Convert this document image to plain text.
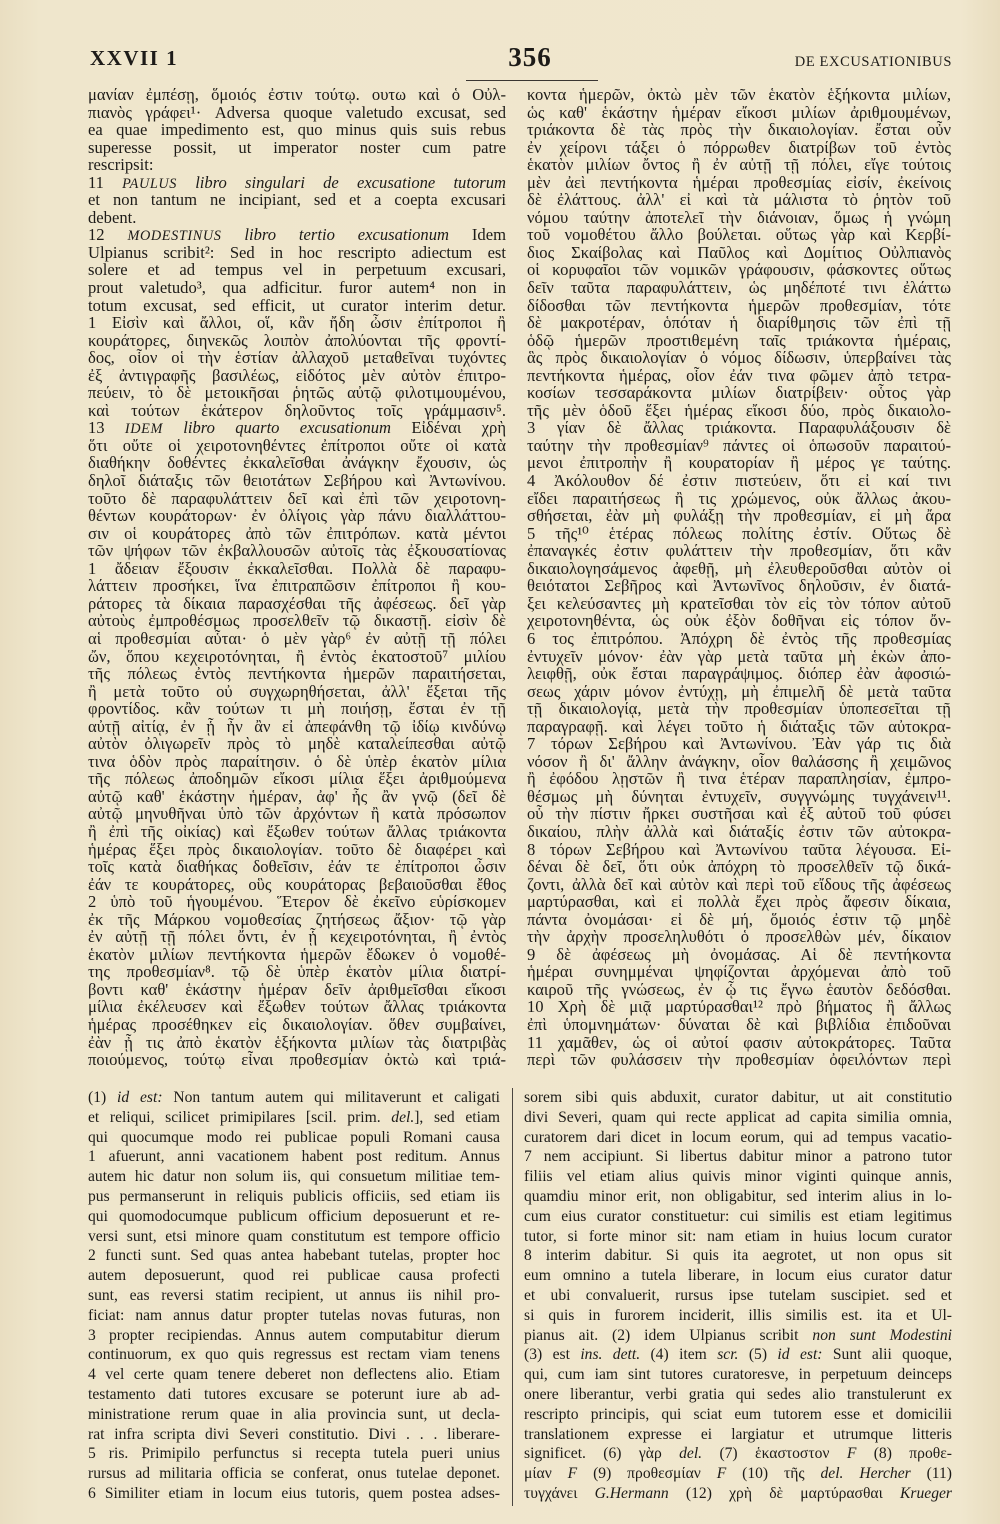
XXVII 1	356	DE EXCUSATIONIBUS
μανίαν ἐμπέσῃ, ὅμοιός ἐστιν τούτῳ. ουτω καὶ ὁ Οὐλ-
πιανὸς γράφει¹· Adversa quoque valetudo excusat, sed
ea quae impedimento est, quo minus quis suis rebus
superesse possit, ut imperator noster cum patre
rescripsit:
11 PAULUS libro singulari de excusatione tutorum
et non tantum ne incipiant, sed et a coepta excusari
debent.
12 MODESTINUS libro tertio excusationum Idem
Ulpianus scribit²: Sed in hoc rescripto adiectum est
solere et ad tempus vel in perpetuum excusari,
prout valetudo³, qua adficitur. furor autem⁴ non in
totum excusat, sed efficit, ut curator interim detur.
1 Εἰσὶν καὶ ἄλλοι, οἵ, κἂν ἤδη ὦσιν ἐπίτροποι ἢ
κουράτορες, διηνεκῶς λοιπὸν ἀπολύονται τῆς φροντί-
δος, οἷον οἱ τὴν ἑστίαν ἀλλαχοῦ μεταθεῖναι τυχόντες
ἐξ ἀντιγραφῆς βασιλέως, εἰδότος μὲν αὐτὸν ἐπιτρο-
πεύειν, τὸ δὲ μετοικῆσαι ῥητῶς αὐτῷ φιλοτιμουμένου,
καὶ τούτων ἑκάτερον δηλοῦντος τοῖς γράμμασιν⁵.
13 IDEM libro quarto excusationum Εἰδέναι χρὴ
ὅτι οὔτε οἱ χειροτονηθέντες ἐπίτροποι οὔτε οἱ κατὰ
διαθήκην δοθέντες ἐκκαλεῖσθαι ἀνάγκην ἔχουσιν, ὡς
δηλοῖ διάταξις τῶν θειοτάτων Σεβήρου καὶ Ἀντωνίνου.
τοῦτο δὲ παραφυλάττειν δεῖ καὶ ἐπὶ τῶν χειροτονη-
θέντων κουράτορων· ἐν ὀλίγοις γὰρ πάνυ διαλλάττου-
σιν οἱ κουράτορες ἀπὸ τῶν ἐπιτρόπων. κατὰ μέντοι
τῶν ψήφων τῶν ἐκβαλλουσῶν αὐτοῖς τὰς ἐξκουσατίονας
1 ἄδειαν ἔξουσιν ἐκκαλεῖσθαι. Πολλὰ δὲ παραφυ-
λάττειν προσήκει, ἵνα ἐπιτραπῶσιν ἐπίτροποι ἢ κου-
ράτορες τὰ δίκαια παρασχέσθαι τῆς ἀφέσεως. δεῖ γὰρ
αὐτοὺς ἐμπροθέσμως προσελθεῖν τῷ δικαστῇ. εἰσὶν δὲ
αἱ προθεσμίαι αὗται· ὁ μὲν γὰρ⁶ ἐν αὐτῇ τῇ πόλει
ὤν, ὅπου κεχειροτόνηται, ἢ ἐντὸς ἑκατοστοῦ⁷ μιλίου
τῆς πόλεως ἐντὸς πεντήκοντα ἡμερῶν παραιτήσεται,
ἢ μετὰ τοῦτο οὐ συγχωρηθήσεται, ἀλλ' ἕξεται τῆς
φροντίδος. κἂν τούτων τι μὴ ποιήσῃ, ἔσται ἐν τῇ
αὐτῇ αἰτίᾳ, ἐν ᾗ ἦν ἂν εἰ ἀπεφάνθη τῷ ἰδίῳ κινδύνῳ
αὐτὸν ὀλιγωρεῖν πρὸς τὸ μηδὲ καταλείπεσθαι αὐτῷ
τινα ὁδὸν πρὸς παραίτησιν. ὁ δὲ ὑπὲρ ἑκατὸν μίλια
τῆς πόλεως ἀποδημῶν εἴκοσι μίλια ἕξει ἀριθμούμενα
αὐτῷ καθ' ἑκάστην ἡμέραν, ἀφ' ἧς ἂν γνῷ (δεῖ δὲ
αὐτῷ μηνυθῆναι ὑπὸ τῶν ἀρχόντων ἢ κατὰ πρόσωπον
ἢ ἐπὶ τῆς οἰκίας) καὶ ἔξωθεν τούτων ἄλλας τριάκοντα
ἡμέρας ἕξει πρὸς δικαιολογίαν. τοῦτο δὲ διαφέρει καὶ
τοῖς κατὰ διαθήκας δοθεῖσιν, ἐάν τε ἐπίτροποι ὦσιν
ἐάν τε κουράτορες, οὓς κουράτορας βεβαιοῦσθαι ἔθος
2 ὑπὸ τοῦ ἡγουμένου. Ἕτερον δὲ ἐκεῖνο εὑρίσκομεν
ἐκ τῆς Μάρκου νομοθεσίας ζητήσεως ἄξιον· τῷ γὰρ
ἐν αὐτῇ τῇ πόλει ὄντι, ἐν ᾗ κεχειροτόνηται, ἢ ἐντὸς
ἑκατὸν μιλίων πεντήκοντα ἡμερῶν ἔδωκεν ὁ νομοθέ-
της προθεσμίαν⁸. τῷ δὲ ὑπὲρ ἑκατὸν μίλια διατρί-
βοντι καθ' ἑκάστην ἡμέραν δεῖν ἀριθμεῖσθαι εἴκοσι
μίλια ἐκέλευσεν καὶ ἔξωθεν τούτων ἄλλας τριάκοντα
ἡμέρας προσέθηκεν εἰς δικαιολογίαν. ὅθεν συμβαίνει,
ἐὰν ᾖ τις ἀπὸ ἑκατὸν ἑξήκοντα μιλίων τὰς διατριβὰς
ποιούμενος, τούτῳ εἶναι προθεσμίαν ὀκτὼ καὶ τριά-
κοντα ἡμερῶν, ὀκτὼ μὲν τῶν ἑκατὸν ἑξήκοντα μιλίων,
ὡς καθ' ἑκάστην ἡμέραν εἴκοσι μιλίων ἀριθμουμένων,
τριάκοντα δὲ τὰς πρὸς τὴν δικαιολογίαν. ἔσται οὖν
ἐν χείρονι τάξει ὁ πόρρωθεν διατρίβων τοῦ ἐντὸς
ἑκατὸν μιλίων ὄντος ἢ ἐν αὐτῇ τῇ πόλει, εἴγε τούτοις
μὲν ἀεὶ πεντήκοντα ἡμέραι προθεσμίας εἰσίν, ἐκείνοις
δὲ ἐλάττους. ἀλλ' εἰ καὶ τὰ μάλιστα τὸ ῥητὸν τοῦ
νόμου ταύτην ἀποτελεῖ τὴν διάνοιαν, ὅμως ἡ γνώμη
τοῦ νομοθέτου ἄλλο βούλεται. οὕτως γὰρ καὶ Κερβί-
διος Σκαίβολας καὶ Παῦλος καὶ Δομίτιος Οὐλπιανὸς
οἱ κορυφαῖοι τῶν νομικῶν γράφουσιν, φάσκοντες οὕτως
δεῖν ταῦτα παραφυλάττειν, ὡς μηδέποτέ τινι ἐλάττω
δίδοσθαι τῶν πεντήκοντα ἡμερῶν προθεσμίαν, τότε
δὲ μακροτέραν, ὁπόταν ἡ διαρίθμησις τῶν ἐπὶ τῇ
ὁδῷ ἡμερῶν προστιθεμένη ταῖς τριάκοντα ἡμέραις,
ἃς πρὸς δικαιολογίαν ὁ νόμος δίδωσιν, ὑπερβαίνει τὰς
πεντήκοντα ἡμέρας, οἷον ἐάν τινα φῶμεν ἀπὸ τετρα-
κοσίων τεσσαράκοντα μιλίων διατρίβειν· οὗτος γὰρ
τῆς μὲν ὁδοῦ ἕξει ἡμέρας εἴκοσι δύο, πρὸς δικαιολο-
3 γίαν δὲ ἄλλας τριάκοντα. Παραφυλάξουσιν δὲ
ταύτην τὴν προθεσμίαν⁹ πάντες οἱ ὁπωσοῦν παραιτού-
μενοι ἐπιτροπὴν ἢ κουρατορίαν ἢ μέρος γε ταύτης.
4 Ἀκόλουθον δέ ἐστιν πιστεύειν, ὅτι εἰ καί τινι
εἴδει παραιτήσεως ἢ τις χρώμενος, οὐκ ἄλλως ἀκου-
σθήσεται, ἐὰν μὴ φυλάξῃ τὴν προθεσμίαν, εἰ μὴ ἄρα
5 τῆς¹⁰ ἑτέρας πόλεως πολίτης ἐστίν. Οὕτως δὲ
ἐπαναγκές ἐστιν φυλάττειν τὴν προθεσμίαν, ὅτι κἂν
δικαιολογησάμενος ἀφεθῇ, μὴ ἐλευθεροῦσθαι αὐτὸν οἱ
θειότατοι Σεβῆρος καὶ Ἀντωνῖνος δηλοῦσιν, ἐν διατά-
ξει κελεύσαντες μὴ κρατεῖσθαι τὸν εἰς τὸν τόπον αὐτοῦ
χειροτονηθέντα, ὡς οὐκ ἐξὸν δοθῆναι εἰς τόπον ὄν-
6 τος ἐπιτρόπου. Ἀπόχρη δὲ ἐντὸς τῆς προθεσμίας
ἐντυχεῖν μόνον· ἐὰν γὰρ μετὰ ταῦτα μὴ ἑκὼν ἀπο-
λειφθῇ, οὐκ ἔσται παραγράψιμος. διόπερ ἐὰν ἀφοσιώ-
σεως χάριν μόνον ἐντύχῃ, μὴ ἐπιμελῆ δὲ μετὰ ταῦτα
τῇ δικαιολογίᾳ, μετὰ τὴν προθεσμίαν ὑποπεσεῖται τῇ
παραγραφῇ. καὶ λέγει τοῦτο ἡ διάταξις τῶν αὐτοκρα-
7 τόρων Σεβήρου καὶ Ἀντωνίνου. Ἐὰν γάρ τις διὰ
νόσον ἢ δι' ἄλλην ἀνάγκην, οἷον θαλάσσης ἢ χειμῶνος
ἢ ἐφόδου λῃστῶν ἢ τινα ἑτέραν παραπλησίαν, ἐμπρο-
θέσμως μὴ δύνηται ἐντυχεῖν, συγγνώμης τυγχάνειν¹¹.
οὗ τὴν πίστιν ἤρκει συστῆσαι καὶ ἐξ αὐτοῦ τοῦ φύσει
δικαίου, πλὴν ἀλλὰ καὶ διάταξίς ἐστιν τῶν αὐτοκρα-
8 τόρων Σεβήρου καὶ Ἀντωνίνου ταῦτα λέγουσα. Εἰ-
δέναι δὲ δεῖ, ὅτι οὐκ ἀπόχρη τὸ προσελθεῖν τῷ δικά-
ζοντι, ἀλλὰ δεῖ καὶ αὐτὸν καὶ περὶ τοῦ εἴδους τῆς ἀφέσεως
μαρτύρασθαι, καὶ εἰ πολλὰ ἔχει πρὸς ἄφεσιν δίκαια,
πάντα ὀνομάσαι· εἰ δὲ μή, ὅμοιός ἐστιν τῷ μηδὲ
τὴν ἀρχὴν προσεληλυθότι ὁ προσελθὼν μέν, δίκαιον
9 δὲ ἀφέσεως μὴ ὀνομάσας. Αἱ δὲ πεντήκοντα
ἡμέραι συνημμέναι ψηφίζονται ἀρχόμεναι ἀπὸ τοῦ
καιροῦ τῆς γνώσεως, ἐν ᾧ τις ἔγνω ἑαυτὸν δεδόσθαι.
10 Χρὴ δὲ μιᾷ μαρτύρασθαι¹² πρὸ βήματος ἢ ἄλλως
ἐπὶ ὑπομνημάτων· δύναται δὲ καὶ βιβλίδια ἐπιδοῦναι
11 χαμᾶθεν, ὡς οἱ αὐτοί φασιν αὐτοκράτορες. Ταῦτα
περὶ τῶν φυλάσσειν τὴν προθεσμίαν ὀφειλόντων περὶ
(1) id est: Non tantum autem qui militaverunt et caligati
et reliqui, scilicet primipilares [scil. prim. del.], sed etiam
qui quocumque modo rei publicae populi Romani causa
1 afuerunt, anni vacationem habent post reditum. Annus
autem hic datur non solum iis, qui consuetum militiae tem-
pus permanserunt in reliquis publicis officiis, sed etiam iis
qui quomodocumque publicum officium deposuerunt et re-
versi sunt, etsi minore quam constitutum est tempore officio
2 functi sunt. Sed quas antea habebant tutelas, propter hoc
autem deposuerunt, quod rei publicae causa profecti
sunt, eas reversi statim recipient, ut annus iis nihil pro-
ficiat: nam annus datur propter tutelas novas futuras, non
3 propter recipiendas. Annus autem computabitur dierum
continuorum, ex quo quis regressus est rectam viam tenens
4 vel certe quam tenere deberet non deflectens alio. Etiam
testamento dati tutores excusare se poterunt iure ab ad-
ministratione rerum quae in alia provincia sunt, ut decla-
rat infra scripta divi Severi constitutio. Divi . . . liberare-
5 ris. Primipilo perfunctus si recepta tutela pueri unius
rursus ad militaria officia se conferat, onus tutelae deponet.
6 Similiter etiam in locum eius tutoris, quem postea adses-
sorem sibi quis abduxit, curator dabitur, ut ait constitutio
divi Severi, quam qui recte applicat ad capita similia omnia,
curatorem dari dicet in locum eorum, qui ad tempus vacatio-
7 nem accipiunt. Si libertus dabitur minor a patrono tutor
filiis vel etiam alius quivis minor viginti quinque annis,
quamdiu minor erit, non obligabitur, sed interim alius in lo-
cum eius curator constituetur: cui similis est etiam legitimus
tutor, si forte minor sit: nam etiam in huius locum curator
8 interim dabitur. Si quis ita aegrotet, ut non opus sit
eum omnino a tutela liberare, in locum eius curator datur
et ubi convaluerit, rursus ipse tutelam suscipiet. sed et
si quis in furorem inciderit, illis similis est. ita et Ul-
pianus ait. (2) idem Ulpianus scribit non sunt Modestini
(3) est ins. dett. (4) item scr. (5) id est: Sunt alii quoque,
qui, cum iam sint tutores curatoresve, in perpetuum deinceps
onere liberantur, verbi gratia qui sedes alio transtulerunt ex
rescripto principis, qui sciat eum tutorem esse et domicilii
translationem expresse ei largiatur et utrumque litteris
significet. (6) γὰρ del. (7) ἑκαστοστον F (8) προθε-
μίαν F (9) προθεσμίαν F (10) τῆς del. Hercher (11)
τυγχάνει G.Hermann (12) χρὴ δὲ μαρτύρασθαι Krueger
